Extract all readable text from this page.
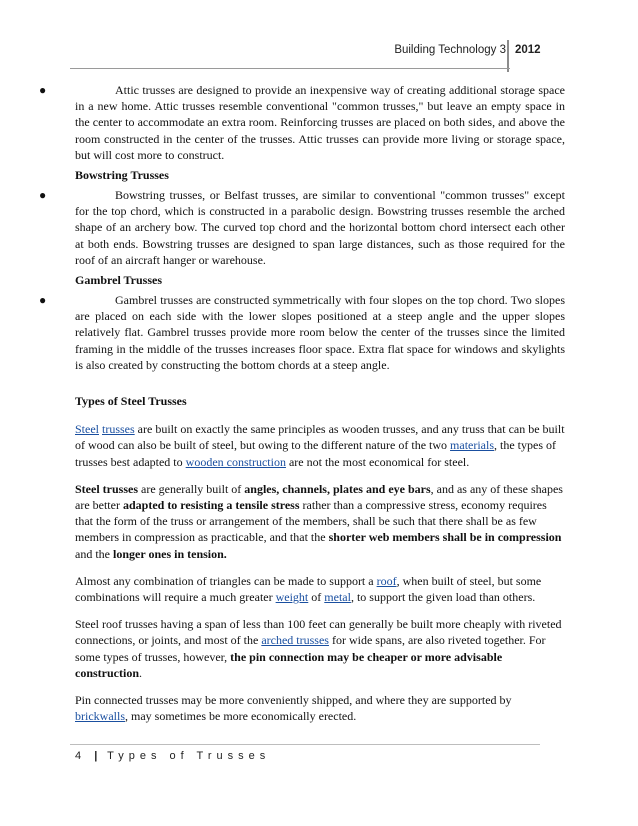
Building Technology 3 2012
●	Attic trusses are designed to provide an inexpensive way of creating additional storage space in a new home. Attic trusses resemble conventional "common trusses," but leave an empty space in the center to accommodate an extra room. Reinforcing trusses are placed on both sides, and above the room constructed in the center of the trusses. Attic trusses can provide more living or storage space, but will cost more to construct.

Bowstring Trusses
●	Bowstring trusses, or Belfast trusses, are similar to conventional "common trusses" except for the top chord, which is constructed in a parabolic design. Bowstring trusses resemble the arched shape of an archery bow. The curved top chord and the horizontal bottom chord intersect each other at both ends. Bowstring trusses are designed to span large distances, such as those required for the roof of an aircraft hanger or warehouse.

Gambrel Trusses
●	Gambrel trusses are constructed symmetrically with four slopes on the top chord. Two slopes are placed on each side with the lower slopes positioned at a steep angle and the upper slopes relatively flat. Gambrel trusses provide more room below the center of the trusses since the limited framing in the middle of the trusses increases floor space. Extra flat space for windows and skylights is also created by constructing the bottom chords at a steep angle.

Types of Steel Trusses

Steel trusses are built on exactly the same principles as wooden trusses, and any truss that can be built of wood can also be built of steel, but owing to the different nature of the two materials, the types of trusses best adapted to wooden construction are not the most economical for steel.

Steel trusses are generally built of angles, channels, plates and eye bars, and as any of these shapes are better adapted to resisting a tensile stress rather than a compressive stress, economy requires that the form of the truss or arrangement of the members, shall be such that there shall be as few members in compression as practicable, and that the shorter web members shall be in compression and the longer ones in tension.

Almost any combination of triangles can be made to support a roof, when built of steel, but some combinations will require a much greater weight of metal, to support the given load than others.

Steel roof trusses having a span of less than 100 feet can generally be built more cheaply with riveted connections, or joints, and most of the arched trusses for wide spans, are also riveted together. For some types of trusses, however, the pin connection may be cheaper or more advisable construction.

Pin connected trusses may be more conveniently shipped, and where they are supported by brickwalls, may sometimes be more economically erected.

4 | Types of Trusses
